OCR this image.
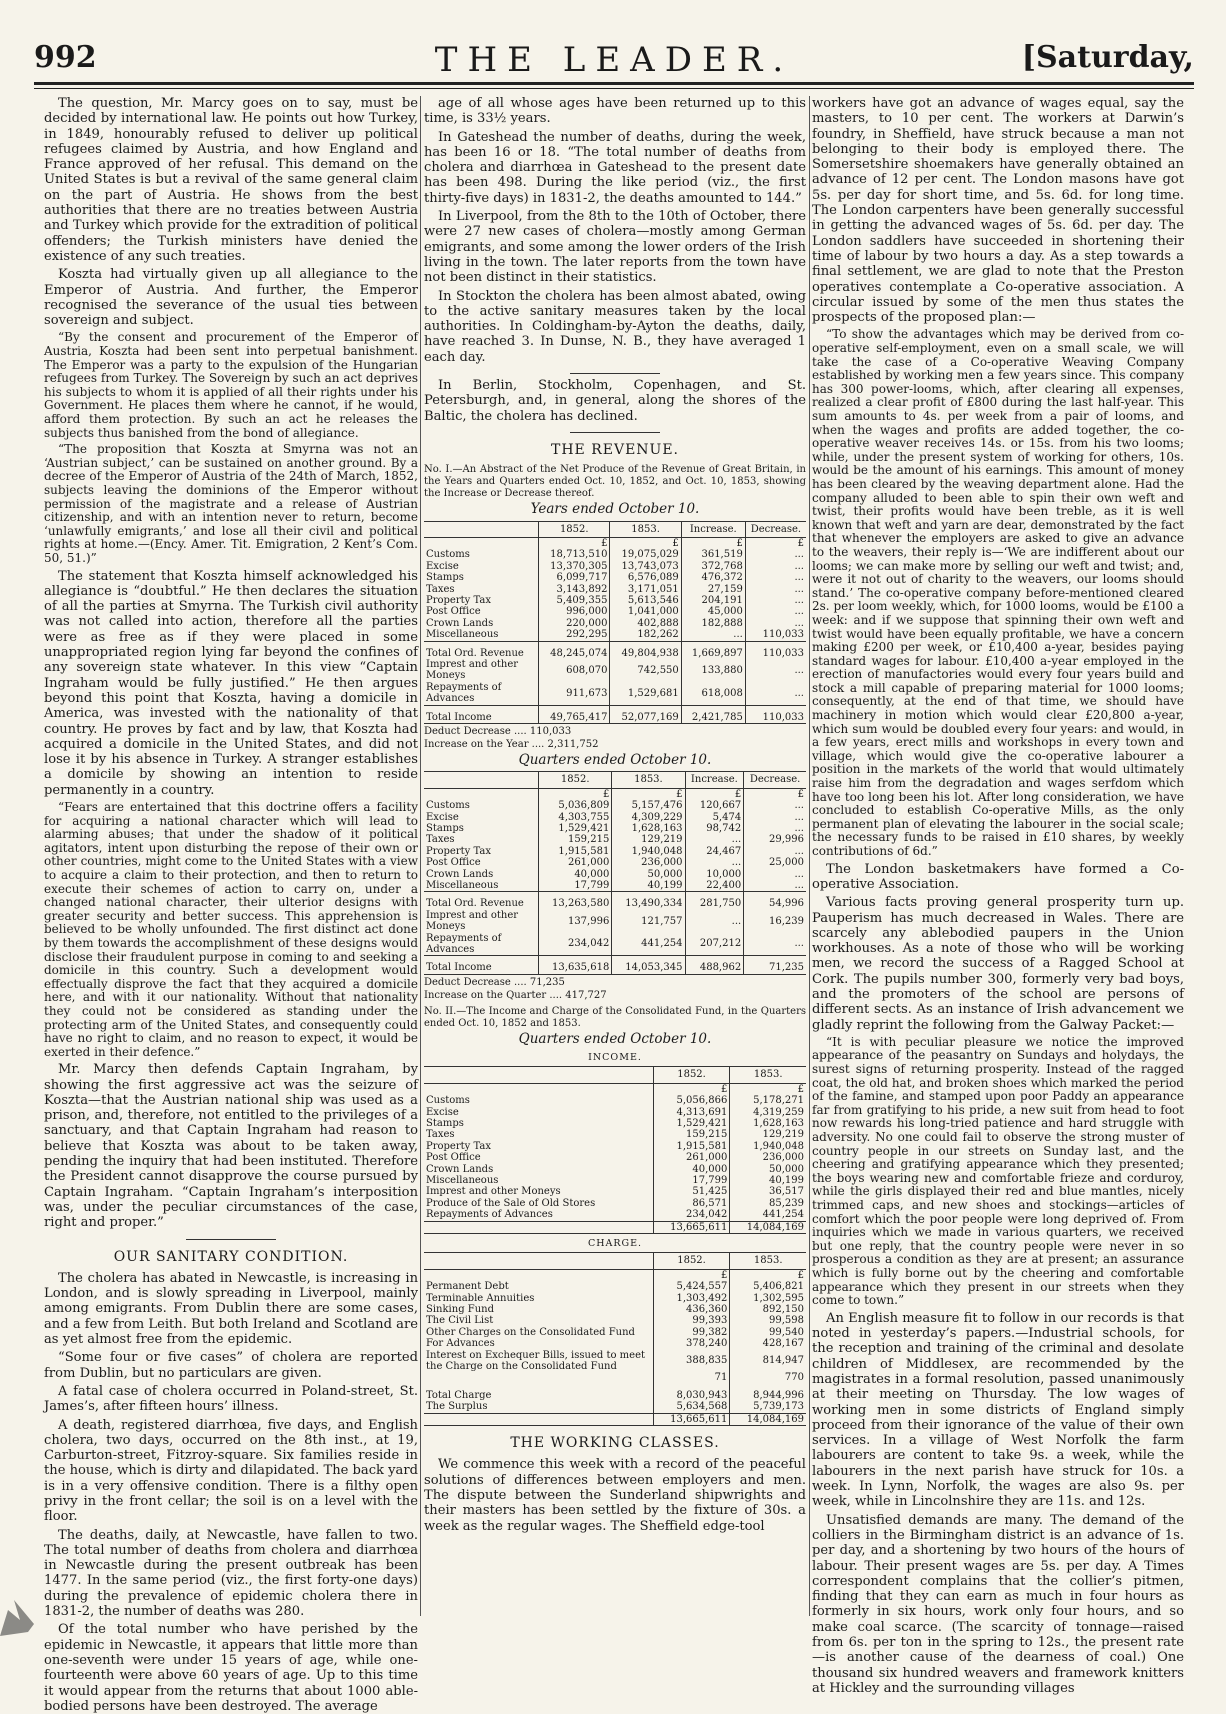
992	THE LEADER.	[Saturday,

The question, Mr. Marcy goes on to say, must be decided by international law. He points out how Turkey, in 1849, honourably refused to deliver up political refugees claimed by Austria, and how England and France approved of her refusal. This demand on the United States is but a revival of the same general claim on the part of Austria. He shows from the best authorities that there are no treaties between Austria and Turkey which provide for the extradition of political offenders; the Turkish ministers have denied the existence of any such treaties.

Koszta had virtually given up all allegiance to the Emperor of Austria. And further, the Emperor recognised the severance of the usual ties between sovereign and subject.

“By the consent and procurement of the Emperor of Austria, Koszta had been sent into perpetual banishment. The Emperor was a party to the expulsion of the Hungarian refugees from Turkey. The Sovereign by such an act deprives his subjects to whom it is applied of all their rights under his Government. He places them where he cannot, if he would, afford them protection. By such an act he releases the subjects thus banished from the bond of allegiance.

“The proposition that Koszta at Smyrna was not an ‘Austrian subject,’ can be sustained on another ground. By a decree of the Emperor of Austria of the 24th of March, 1852, subjects leaving the dominions of the Emperor without permission of the magistrate and a release of Austrian citizenship, and with an intention never to return, become ‘unlawfully emigrants,’ and lose all their civil and political rights at home.—(Ency. Amer. Tit. Emigration, 2 Kent’s Com. 50, 51.)”

The statement that Koszta himself acknowledged his allegiance is “doubtful.” He then declares the situation of all the parties at Smyrna. The Turkish civil authority was not called into action, therefore all the parties were as free as if they were placed in some unappropriated region lying far beyond the confines of any sovereign state whatever. In this view “Captain Ingraham would be fully justified.” He then argues beyond this point that Koszta, having a domicile in America, was invested with the nationality of that country. He proves by fact and by law, that Koszta had acquired a domicile in the United States, and did not lose it by his absence in Turkey. A stranger establishes a domicile by showing an intention to reside permanently in a country.

“Fears are entertained that this doctrine offers a facility for acquiring a national character which will lead to alarming abuses; that under the shadow of it political agitators, intent upon disturbing the repose of their own or other countries, might come to the United States with a view to acquire a claim to their protection, and then to return to execute their schemes of action to carry on, under a changed national character, their ulterior designs with greater security and better success. This apprehension is believed to be wholly unfounded. The first distinct act done by them towards the accomplishment of these designs would disclose their fraudulent purpose in coming to and seeking a domicile in this country. Such a development would effectually disprove the fact that they acquired a domicile here, and with it our nationality. Without that nationality they could not be considered as standing under the protecting arm of the United States, and consequently could have no right to claim, and no reason to expect, it would be exerted in their defence.”

Mr. Marcy then defends Captain Ingraham, by showing the first aggressive act was the seizure of Koszta—that the Austrian national ship was used as a prison, and, therefore, not entitled to the privileges of a sanctuary, and that Captain Ingraham had reason to believe that Koszta was about to be taken away, pending the inquiry that had been instituted. Therefore the President cannot disapprove the course pursued by Captain Ingraham. “Captain Ingraham’s interposition was, under the peculiar circumstances of the case, right and proper.”

OUR SANITARY CONDITION.

The cholera has abated in Newcastle, is increasing in London, and is slowly spreading in Liverpool, mainly among emigrants. From Dublin there are some cases, and a few from Leith. But both Ireland and Scotland are as yet almost free from the epidemic.

“Some four or five cases” of cholera are reported from Dublin, but no particulars are given.

A fatal case of cholera occurred in Poland-street, St. James’s, after fifteen hours’ illness.

A death, registered diarrhœa, five days, and English cholera, two days, occurred on the 8th inst., at 19, Carburton-street, Fitzroy-square. Six families reside in the house, which is dirty and dilapidated. The back yard is in a very offensive condition. There is a filthy open privy in the front cellar; the soil is on a level with the floor.

The deaths, daily, at Newcastle, have fallen to two. The total number of deaths from cholera and diarrhœa in Newcastle during the present outbreak has been 1477. In the same period (viz., the first forty-one days) during the prevalence of epidemic cholera there in 1831-2, the number of deaths was 280.

Of the total number who have perished by the epidemic in Newcastle, it appears that little more than one-seventh were under 15 years of age, while one-fourteenth were above 60 years of age. Up to this time it would appear from the returns that about 1000 able-bodied persons have been destroyed. The average

age of all whose ages have been returned up to this time, is 33½ years.

In Gateshead the number of deaths, during the week, has been 16 or 18. “The total number of deaths from cholera and diarrhœa in Gateshead to the present date has been 498. During the like period (viz., the first thirty-five days) in 1831-2, the deaths amounted to 144.”

In Liverpool, from the 8th to the 10th of October, there were 27 new cases of cholera—mostly among German emigrants, and some among the lower orders of the Irish living in the town. The later reports from the town have not been distinct in their statistics.

In Stockton the cholera has been almost abated, owing to the active sanitary measures taken by the local authorities. In Coldingham-by-Ayton the deaths, daily, have reached 3. In Dunse, N. B., they have averaged 1 each day.

In Berlin, Stockholm, Copenhagen, and St. Petersburgh, and, in general, along the shores of the Baltic, the cholera has declined.

THE REVENUE.

No. I.—An Abstract of the Net Produce of the Revenue of Great Britain, in the Years and Quarters ended Oct. 10, 1852, and Oct. 10, 1853, showing the Increase or Decrease thereof.

Years ended October 10.
	1852.	1853.	Increase.	Decrease.
	£	£	£	£
Customs	18,713,510	19,075,029	361,519	...
Excise	13,370,305	13,743,073	372,768	...
Stamps	6,099,717	6,576,089	476,372	...
Taxes	3,143,892	3,171,051	27,159	...
Property Tax	5,409,355	5,613,546	204,191	...
Post Office	996,000	1,041,000	45,000	...
Crown Lands	220,000	402,888	182,888	...
Miscellaneous	292,295	182,262	...	110,033
Total Ord. Revenue	48,245,074	49,804,938	1,669,897	110,033
Imprest and other Moneys	608,070	742,550	133,880	...
Repayments of Advances	911,673	1,529,681	618,008	...
Total Income	49,765,417	52,077,169	2,421,785	110,033

Deduct Decrease .... 110,033

Increase on the Year .... 2,311,752

Quarters ended October 10.
	1852.	1853.	Increase.	Decrease.
	£	£	£	£
Customs	5,036,809	5,157,476	120,667	...
Excise	4,303,755	4,309,229	5,474	...
Stamps	1,529,421	1,628,163	98,742	...
Taxes	159,215	129,219	...	29,996
Property Tax	1,915,581	1,940,048	24,467	...
Post Office	261,000	236,000	...	25,000
Crown Lands	40,000	50,000	10,000	...
Miscellaneous	17,799	40,199	22,400	...
Total Ord. Revenue	13,263,580	13,490,334	281,750	54,996
Imprest and other Moneys	137,996	121,757	...	16,239
Repayments of Advances	234,042	441,254	207,212	...
Total Income	13,635,618	14,053,345	488,962	71,235

Deduct Decrease .... 71,235

Increase on the Quarter .... 417,727

No. II.—The Income and Charge of the Consolidated Fund, in the Quarters ended Oct. 10, 1852 and 1853.

Quarters ended October 10.
INCOME.
	1852.	1853.
	£	£
Customs	5,056,866	5,178,271
Excise	4,313,691	4,319,259
Stamps	1,529,421	1,628,163
Taxes	159,215	129,219
Property Tax	1,915,581	1,940,048
Post Office	261,000	236,000
Crown Lands	40,000	50,000
Miscellaneous	17,799	40,199
Imprest and other Moneys	51,425	36,517
Produce of the Sale of Old Stores	86,571	85,239
Repayments of Advances	234,042	441,254
	13,665,611	14,084,169
CHARGE.
	1852.	1853.
	£	£
Permanent Debt	5,424,557	5,406,821
Terminable Annuities	1,303,492	1,302,595
Sinking Fund	436,360	892,150
The Civil List	99,393	99,598
Other Charges on the Consolidated Fund	99,382	99,540
For Advances	378,240	428,167
Interest on Exchequer Bills, issued to meet the Charge on the Consolidated Fund	388,835	814,947
	71	770
Total Charge	8,030,943	8,944,996
The Surplus	5,634,568	5,739,173
	13,665,611	14,084,169
THE WORKING CLASSES.

We commence this week with a record of the peaceful solutions of differences between employers and men. The dispute between the Sunderland shipwrights and their masters has been settled by the fixture of 30s. a week as the regular wages. The Sheffield edge-tool

workers have got an advance of wages equal, say the masters, to 10 per cent. The workers at Darwin’s foundry, in Sheffield, have struck because a man not belonging to their body is employed there. The Somersetshire shoemakers have generally obtained an advance of 12 per cent. The London masons have got 5s. per day for short time, and 5s. 6d. for long time. The London carpenters have been generally successful in getting the advanced wages of 5s. 6d. per day. The London saddlers have succeeded in shortening their time of labour by two hours a day. As a step towards a final settlement, we are glad to note that the Preston operatives contemplate a Co-operative association. A circular issued by some of the men thus states the prospects of the proposed plan:—

“To show the advantages which may be derived from co-operative self-employment, even on a small scale, we will take the case of a Co-operative Weaving Company established by working men a few years since. This company has 300 power-looms, which, after clearing all expenses, realized a clear profit of £800 during the last half-year. This sum amounts to 4s. per week from a pair of looms, and when the wages and profits are added together, the co-operative weaver receives 14s. or 15s. from his two looms; while, under the present system of working for others, 10s. would be the amount of his earnings. This amount of money has been cleared by the weaving department alone. Had the company alluded to been able to spin their own weft and twist, their profits would have been treble, as it is well known that weft and yarn are dear, demonstrated by the fact that whenever the employers are asked to give an advance to the weavers, their reply is—‘We are indifferent about our looms; we can make more by selling our weft and twist; and, were it not out of charity to the weavers, our looms should stand.’ The co-operative company before-mentioned cleared 2s. per loom weekly, which, for 1000 looms, would be £100 a week: and if we suppose that spinning their own weft and twist would have been equally profitable, we have a concern making £200 per week, or £10,400 a-year, besides paying standard wages for labour. £10,400 a-year employed in the erection of manufactories would every four years build and stock a mill capable of preparing material for 1000 looms; consequently, at the end of that time, we should have machinery in motion which would clear £20,800 a-year, which sum would be doubled every four years: and would, in a few years, erect mills and workshops in every town and village, which would give the co-operative labourer a position in the markets of the world that would ultimately raise him from the degradation and wages serfdom which have too long been his lot. After long consideration, we have concluded to establish Co-operative Mills, as the only permanent plan of elevating the labourer in the social scale; the necessary funds to be raised in £10 shares, by weekly contributions of 6d.”

The London basketmakers have formed a Co-operative Association.

Various facts proving general prosperity turn up. Pauperism has much decreased in Wales. There are scarcely any ablebodied paupers in the Union workhouses. As a note of those who will be working men, we record the success of a Ragged School at Cork. The pupils number 300, formerly very bad boys, and the promoters of the school are persons of different sects. As an instance of Irish advancement we gladly reprint the following from the Galway Packet:—

“It is with peculiar pleasure we notice the improved appearance of the peasantry on Sundays and holydays, the surest signs of returning prosperity. Instead of the ragged coat, the old hat, and broken shoes which marked the period of the famine, and stamped upon poor Paddy an appearance far from gratifying to his pride, a new suit from head to foot now rewards his long-tried patience and hard struggle with adversity. No one could fail to observe the strong muster of country people in our streets on Sunday last, and the cheering and gratifying appearance which they presented; the boys wearing new and comfortable frieze and corduroy, while the girls displayed their red and blue mantles, nicely trimmed caps, and new shoes and stockings—articles of comfort which the poor people were long deprived of. From inquiries which we made in various quarters, we received but one reply, that the country people were never in so prosperous a condition as they are at present; an assurance which is fully borne out by the cheering and comfortable appearance which they present in our streets when they come to town.”

An English measure fit to follow in our records is that noted in yesterday’s papers.—Industrial schools, for the reception and training of the criminal and desolate children of Middlesex, are recommended by the magistrates in a formal resolution, passed unanimously at their meeting on Thursday. The low wages of working men in some districts of England simply proceed from their ignorance of the value of their own services. In a village of West Norfolk the farm labourers are content to take 9s. a week, while the labourers in the next parish have struck for 10s. a week. In Lynn, Norfolk, the wages are also 9s. per week, while in Lincolnshire they are 11s. and 12s.

Unsatisfied demands are many. The demand of the colliers in the Birmingham district is an advance of 1s. per day, and a shortening by two hours of the hours of labour. Their present wages are 5s. per day. A Times correspondent complains that the collier’s pitmen, finding that they can earn as much in four hours as formerly in six hours, work only four hours, and so make coal scarce. (The scarcity of tonnage—raised from 6s. per ton in the spring to 12s., the present rate—is another cause of the dearness of coal.) One thousand six hundred weavers and framework knitters at Hickley and the surrounding villages
